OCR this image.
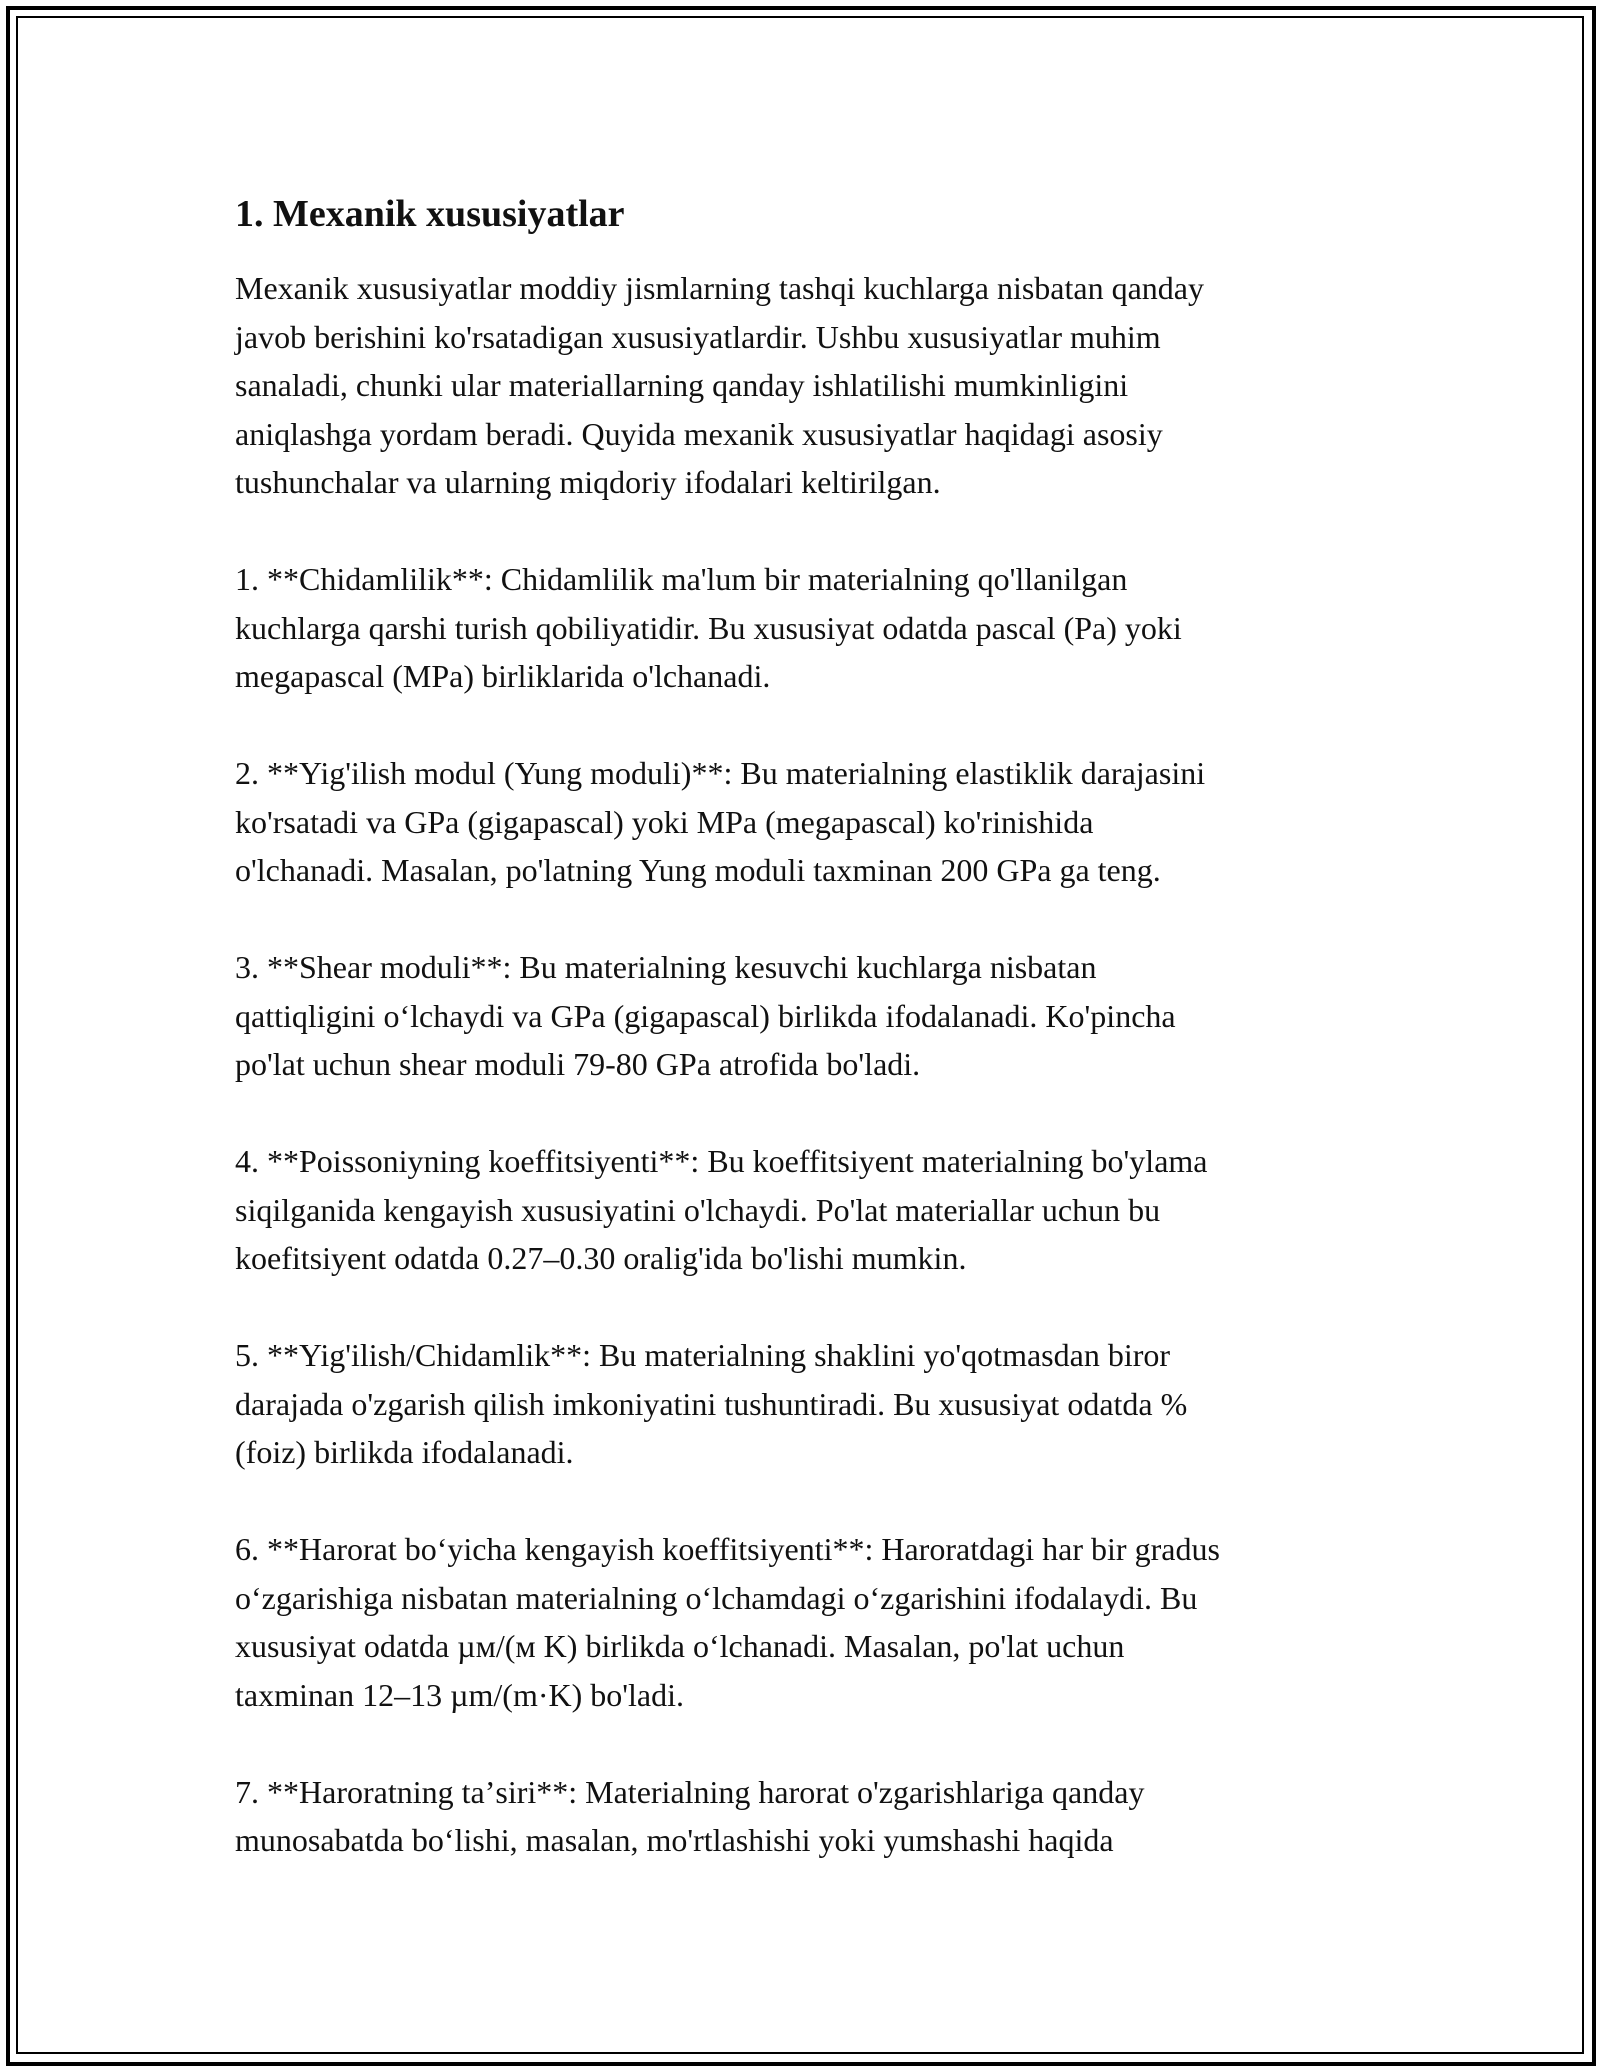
1. Mexanik xususiyatlar

Mexanik xususiyatlar moddiy jismlarning tashqi kuchlarga nisbatan qanday
javob berishini ko'rsatadigan xususiyatlardir. Ushbu xususiyatlar muhim
sanaladi, chunki ular materiallarning qanday ishlatilishi mumkinligini
aniqlashga yordam beradi. Quyida mexanik xususiyatlar haqidagi asosiy
tushunchalar va ularning miqdoriy ifodalari keltirilgan.

1. **Chidamlilik**: Chidamlilik ma'lum bir materialning qo'llanilgan
kuchlarga qarshi turish qobiliyatidir. Bu xususiyat odatda pascal (Pa) yoki
megapascal (MPa) birliklarida o'lchanadi.

2. **Yig'ilish modul (Yung moduli)**: Bu materialning elastiklik darajasini
ko'rsatadi va GPa (gigapascal) yoki MPa (megapascal) ko'rinishida
o'lchanadi. Masalan, po'latning Yung moduli taxminan 200 GPa ga teng.

3. **Shear moduli**: Bu materialning kesuvchi kuchlarga nisbatan
qattiqligini oʻlchaydi va GPa (gigapascal) birlikda ifodalanadi. Ko'pincha
po'lat uchun shear moduli 79-80 GPa atrofida bo'ladi.

4. **Poissoniyning koeffitsiyenti**: Bu koeffitsiyent materialning bo'ylama
siqilganida kengayish xususiyatini o'lchaydi. Po'lat materiallar uchun bu
koefitsiyent odatda 0.27–0.30 oralig'ida bo'lishi mumkin.

5. **Yig'ilish/Chidamlik**: Bu materialning shaklini yo'qotmasdan biror
darajada o'zgarish qilish imkoniyatini tushuntiradi. Bu xususiyat odatda %
(foiz) birlikda ifodalanadi.

6. **Harorat boʻyicha kengayish koeffitsiyenti**: Haroratdagi har bir gradus
oʻzgarishiga nisbatan materialning oʻlchamdagi oʻzgarishini ifodalaydi. Bu
xususiyat odatda µм/(м K) birlikda oʻlchanadi. Masalan, po'lat uchun
taxminan 12–13 µm/(m·K) bo'ladi.

7. **Haroratning taʼsiri**: Materialning harorat o'zgarishlariga qanday
munosabatda boʻlishi, masalan, mo'rtlashishi yoki yumshashi haqida
